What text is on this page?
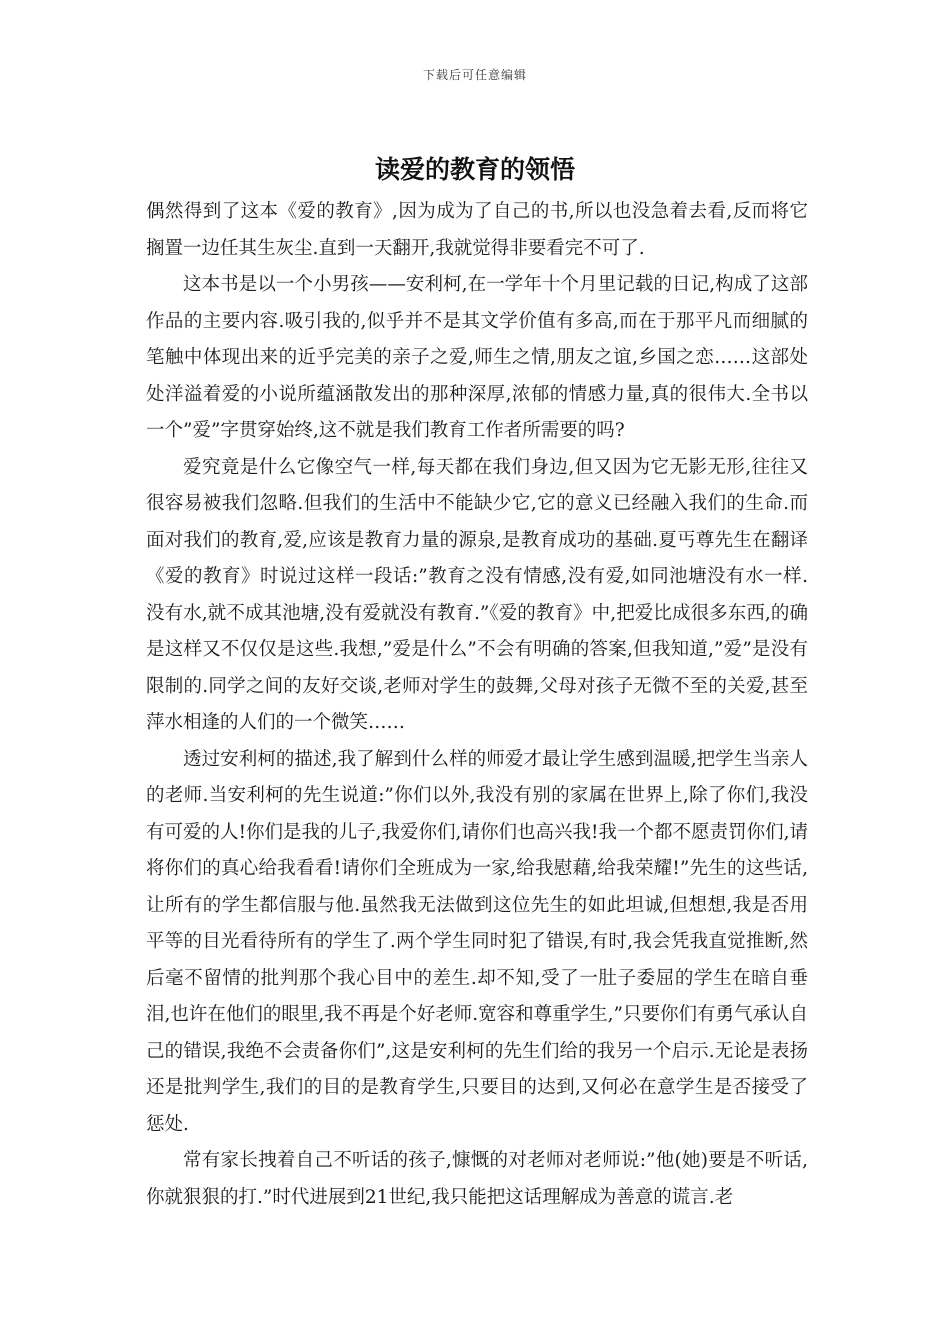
下载后可任意编辑
读爱的教育的领悟

偶然得到了这本《爱的教育》,因为成为了自己的书,所以也没急着去看,反而将它搁置一边任其生灰尘.直到一天翻开,我就觉得非要看完不可了.

这本书是以一个小男孩——安利柯,在一学年十个月里记载的日记,构成了这部作品的主要内容.吸引我的,似乎并不是其文学价值有多高,而在于那平凡而细腻的笔触中体现出来的近乎完美的亲子之爱,师生之情,朋友之谊,乡国之恋……这部处处洋溢着爱的小说所蕴涵散发出的那种深厚,浓郁的情感力量,真的很伟大.全书以一个”爱”字贯穿始终,这不就是我们教育工作者所需要的吗?

爱究竟是什么它像空气一样,每天都在我们身边,但又因为它无影无形,往往又很容易被我们忽略.但我们的生活中不能缺少它,它的意义已经融入我们的生命.而面对我们的教育,爱,应该是教育力量的源泉,是教育成功的基础.夏丐尊先生在翻译《爱的教育》时说过这样一段话:”教育之没有情感,没有爱,如同池塘没有水一样.没有水,就不成其池塘,没有爱就没有教育.”《爱的教育》中,把爱比成很多东西,的确是这样又不仅仅是这些.我想,”爱是什么”不会有明确的答案,但我知道,”爱”是没有限制的.同学之间的友好交谈,老师对学生的鼓舞,父母对孩子无微不至的关爱,甚至萍水相逢的人们的一个微笑……

透过安利柯的描述,我了解到什么样的师爱才最让学生感到温暖,把学生当亲人的老师.当安利柯的先生说道:”你们以外,我没有别的家属在世界上,除了你们,我没有可爱的人!你们是我的儿子,我爱你们,请你们也高兴我!我一个都不愿责罚你们,请将你们的真心给我看看!请你们全班成为一家,给我慰藉,给我荣耀!”先生的这些话,让所有的学生都信服与他.虽然我无法做到这位先生的如此坦诚,但想想,我是否用平等的目光看待所有的学生了.两个学生同时犯了错误,有时,我会凭我直觉推断,然后毫不留情的批判那个我心目中的差生.却不知,受了一肚子委屈的学生在暗自垂泪,也许在他们的眼里,我不再是个好老师.宽容和尊重学生,”只要你们有勇气承认自己的错误,我绝不会责备你们”,这是安利柯的先生们给的我另一个启示.无论是表扬还是批判学生,我们的目的是教育学生,只要目的达到,又何必在意学生是否接受了惩处.

常有家长拽着自己不听话的孩子,慷慨的对老师对老师说:”他(她)要是不听话,你就狠狠的打.”时代进展到21世纪,我只能把这话理解成为善意的谎言.老
